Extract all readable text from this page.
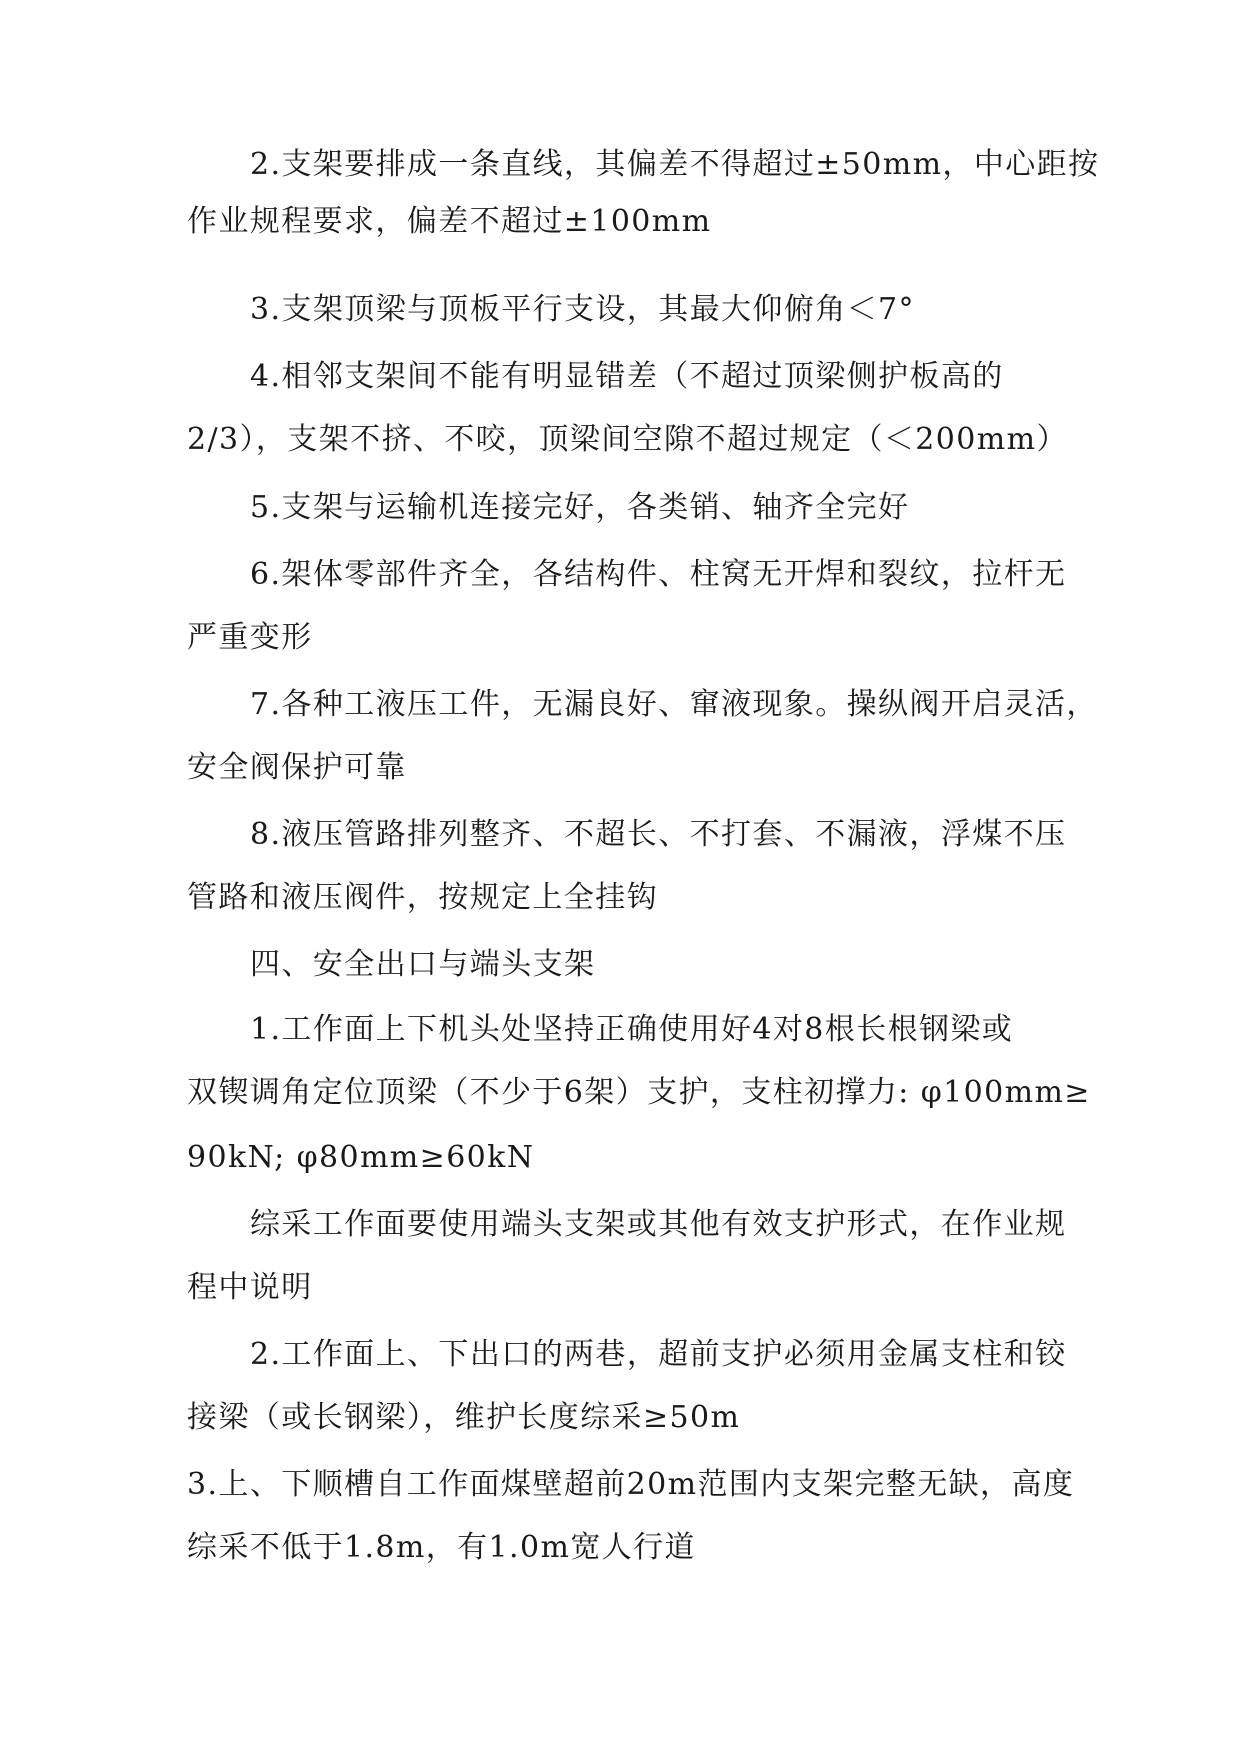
2.支架要排成一条直线，其偏差不得超过±50mm，中心距按
作业规程要求，偏差不超过±100mm
3.支架顶梁与顶板平行支设，其最大仰俯角＜7°
4.相邻支架间不能有明显错差（不超过顶梁侧护板高的
2/3），支架不挤、不咬，顶梁间空隙不超过规定（＜200mm）
5.支架与运输机连接完好，各类销、轴齐全完好
6.架体零部件齐全，各结构件、柱窝无开焊和裂纹，拉杆无
严重变形
7.各种工液压工件，无漏良好、窜液现象。操纵阀开启灵活，
安全阀保护可靠
8.液压管路排列整齐、不超长、不打套、不漏液，浮煤不压
管路和液压阀件，按规定上全挂钩
四、安全出口与端头支架
1.工作面上下机头处坚持正确使用好4对8根长根钢梁或
双锲调角定位顶梁（不少于6架）支护，支柱初撑力: φ100mm≥
90kN; φ80mm≥60kN
综采工作面要使用端头支架或其他有效支护形式，在作业规
程中说明
2.工作面上、下出口的两巷，超前支护必须用金属支柱和铰
接梁（或长钢梁），维护长度综采≥50m
3.上、下顺槽自工作面煤壁超前20m范围内支架完整无缺，高度
综采不低于1.8m，有1.0m宽人行道
